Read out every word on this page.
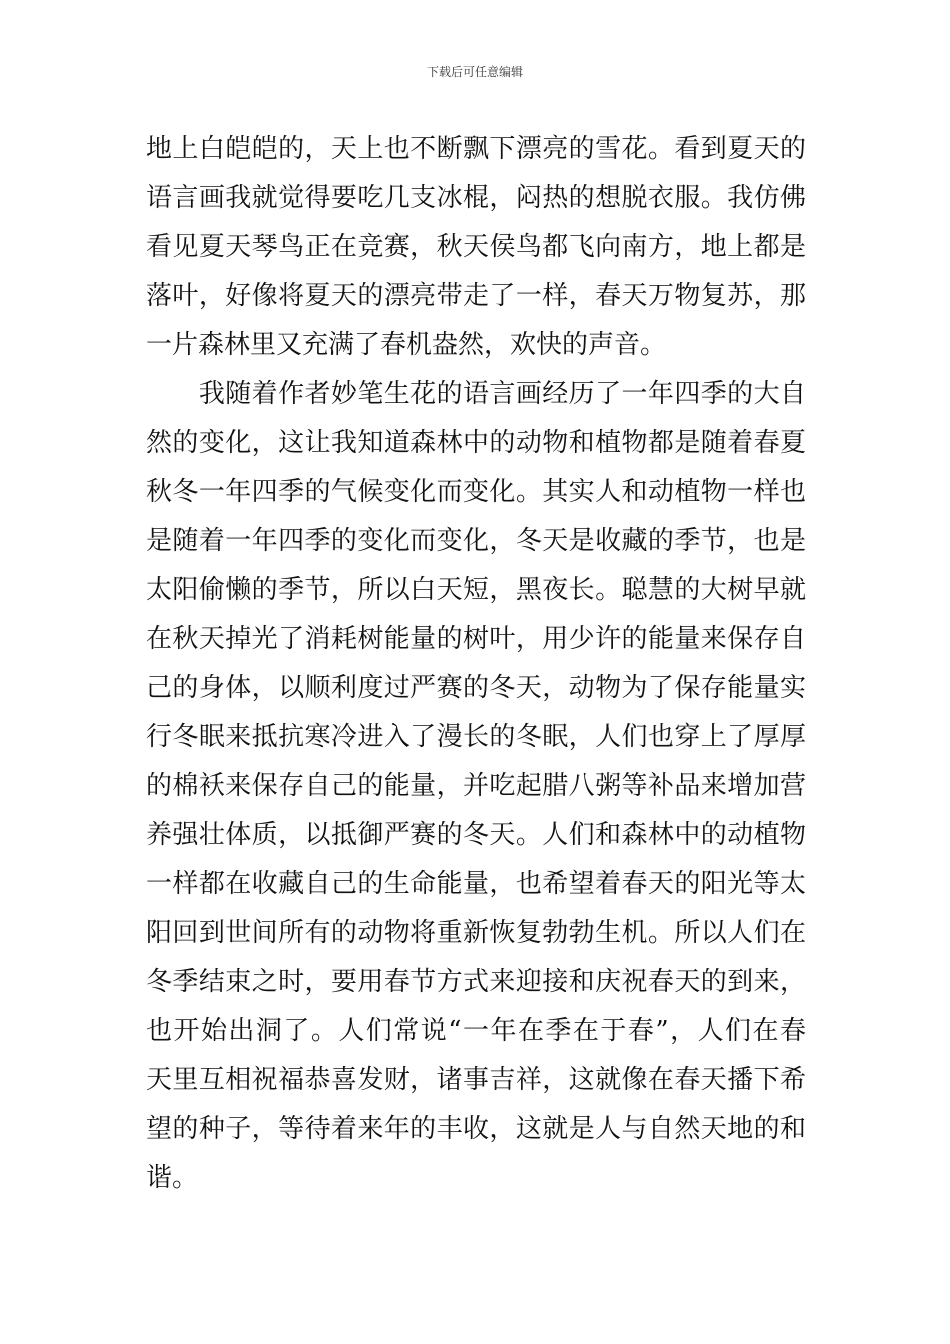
下载后可任意编辑
地上白皑皑的，天上也不断飘下漂亮的雪花。看到夏天的
语言画我就觉得要吃几支冰棍，闷热的想脱衣服。我仿佛
看见夏天琴鸟正在竞赛，秋天侯鸟都飞向南方，地上都是
落叶，好像将夏天的漂亮带走了一样，春天万物复苏，那
一片森林里又充满了春机盎然，欢快的声音。
　　我随着作者妙笔生花的语言画经历了一年四季的大自
然的变化，这让我知道森林中的动物和植物都是随着春夏
秋冬一年四季的气候变化而变化。其实人和动植物一样也
是随着一年四季的变化而变化，冬天是收藏的季节，也是
太阳偷懒的季节，所以白天短，黑夜长。聪慧的大树早就
在秋天掉光了消耗树能量的树叶，用少许的能量来保存自
己的身体，以顺利度过严赛的冬天，动物为了保存能量实
行冬眠来抵抗寒冷进入了漫长的冬眠，人们也穿上了厚厚
的棉袄来保存自己的能量，并吃起腊八粥等补品来增加营
养强壮体质，以抵御严赛的冬天。人们和森林中的动植物
一样都在收藏自己的生命能量，也希望着春天的阳光等太
阳回到世间所有的动物将重新恢复勃勃生机。所以人们在
冬季结束之时，要用春节方式来迎接和庆祝春天的到来，
也开始出洞了。人们常说“一年在季在于春”，人们在春
天里互相祝福恭喜发财，诸事吉祥，这就像在春天播下希
望的种子，等待着来年的丰收，这就是人与自然天地的和
谐。
